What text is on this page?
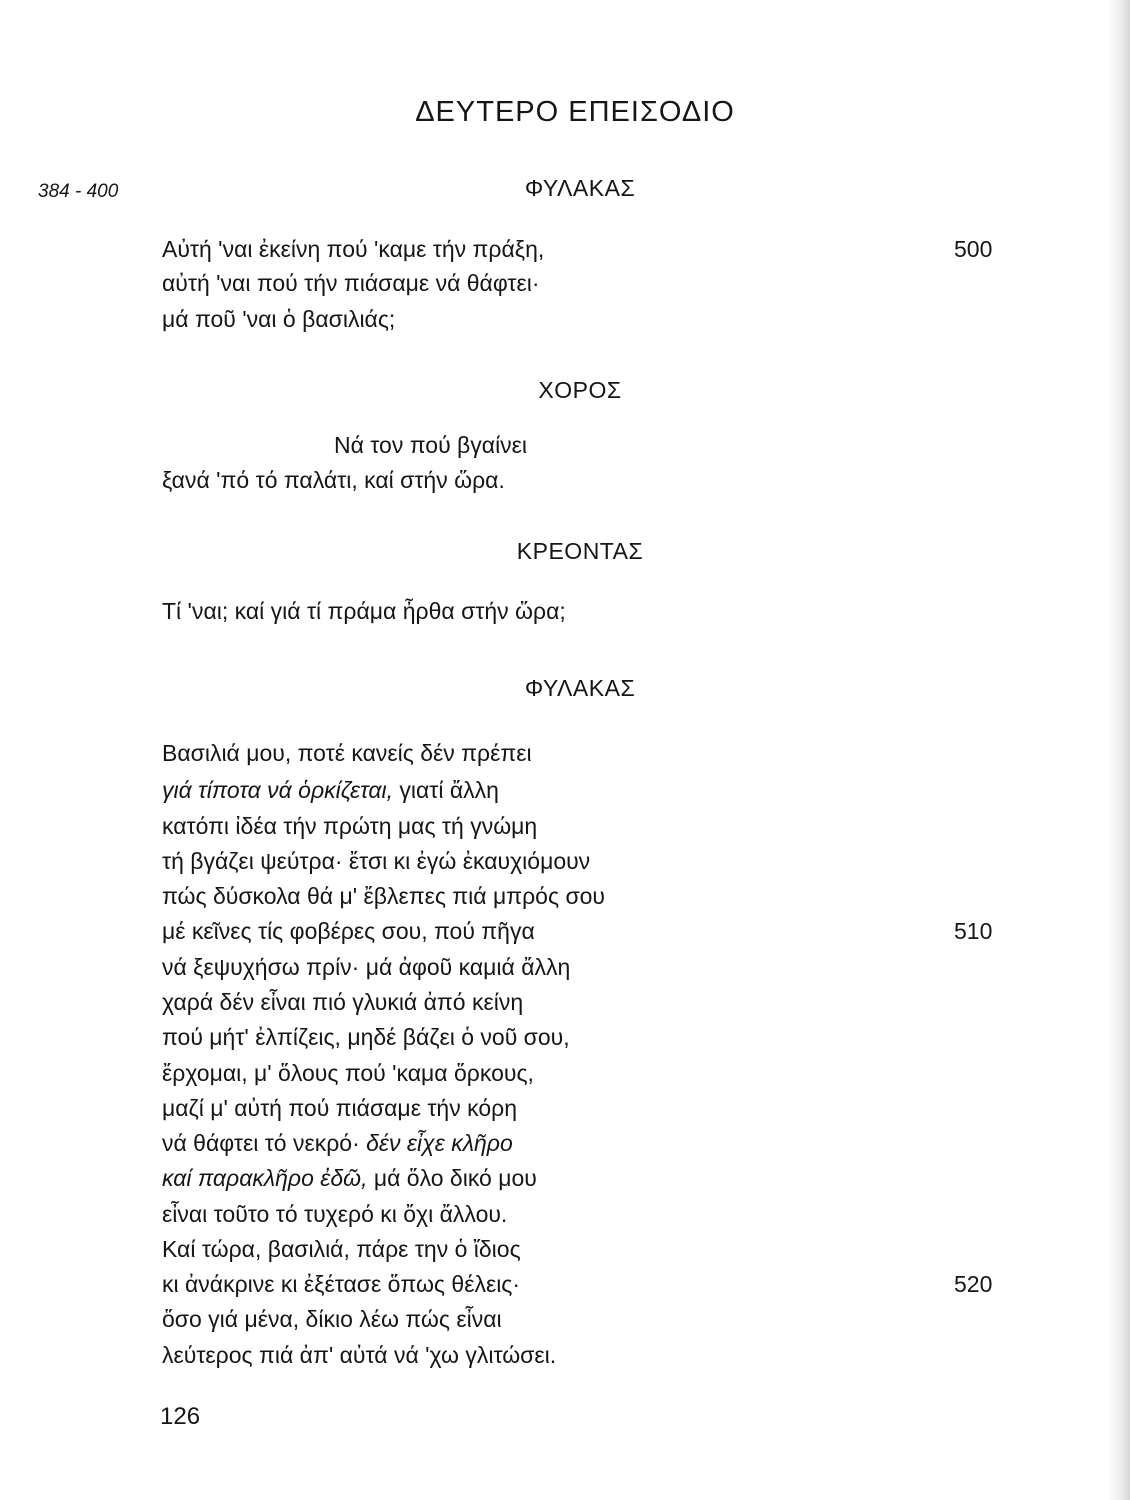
ΔΕΥΤΕΡΟ ΕΠΕΙΣΟΔΙΟ
384 - 400	ΦΥΛΑΚΑΣ
Αὐτή 'ναι ἐκείνη πού 'καμε τήν πράξη,	500
αὐτή 'ναι πού τήν πιάσαμε νά θάφτει·
μά ποῦ 'ναι ὁ βασιλιάς;
ΧΟΡΟΣ
Νά τον πού βγαίνει
ξανά 'πό τό παλάτι, καί στήν ὥρα.
ΚΡΕΟΝΤΑΣ
Τί 'ναι; καί γιά τί πράμα ἦρθα στήν ὥρα;
ΦΥΛΑΚΑΣ
Βασιλιά μου, ποτέ κανείς δέν πρέπει
γιά τίποτα νά ὁρκίζεται, γιατί ἄλλη
κατόπι ἰδέα τήν πρώτη μας τή γνώμη
τή βγάζει ψεύτρα· ἔτσι κι ἐγώ ἐκαυχιόμουν
πώς δύσκολα θά μ' ἔβλεπες πιά μπρός σου
μέ κεῖνες τίς φοβέρες σου, πού πῆγα	510
νά ξεψυχήσω πρίν· μά ἀφοῦ καμιά ἄλλη
χαρά δέν εἶναι πιό γλυκιά ἀπό κείνη
πού μήτ' ἐλπίζεις, μηδέ βάζει ὁ νοῦ σου,
ἔρχομαι, μ' ὅλους πού 'καμα ὅρκους,
μαζί μ' αὐτή πού πιάσαμε τήν κόρη
νά θάφτει τό νεκρό· δέν εἶχε κλῆρο
καί παρακλῆρο ἐδῶ, μά ὅλο δικό μου
εἶναι τοῦτο τό τυχερό κι ὄχι ἄλλου.
Καί τώρα, βασιλιά, πάρε την ὁ ἴδιος
κι ἀνάκρινε κι ἐξέτασε ὅπως θέλεις·	520
ὅσο γιά μένα, δίκιο λέω πώς εἶναι
λεύτερος πιά ἀπ' αὐτά νά 'χω γλιτώσει.
126
